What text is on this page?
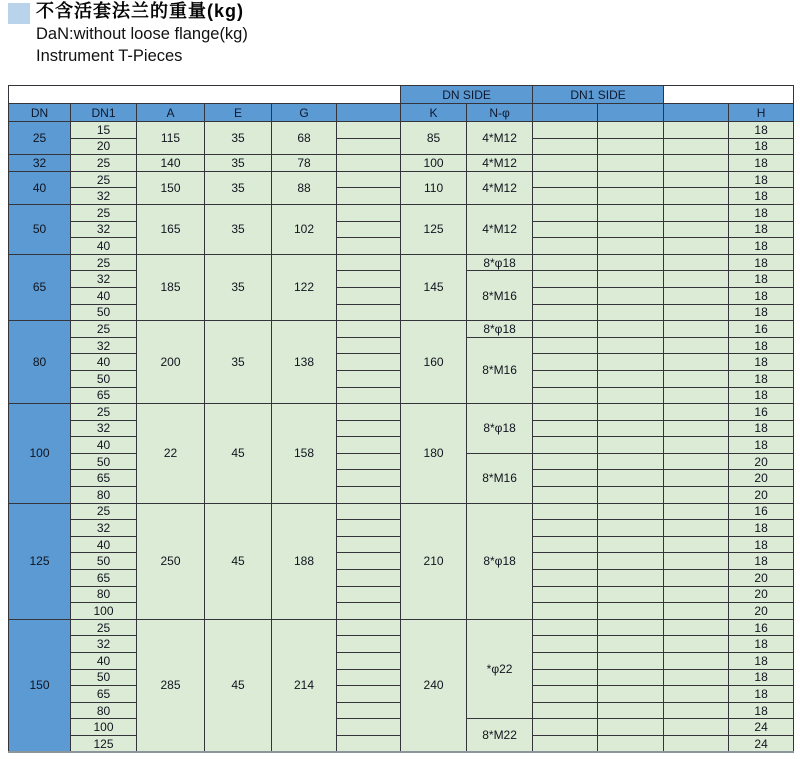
不含活套法兰的重量(kg)
DaN:without loose flange(kg)
Instrument T-Pieces
						DN SIDE		DN1 SIDE			
DN	DN1	A	E	G		K	N-φ				H
25	15	115	35	68		85	4*M12				18
	20										18
32	25	140	35	78		100	4*M12				18
40	25	150	35	88		110	4*M12				18
	32										18
50	25	165	35	102		125	4*M12				18
	32										18
	40										18
65	25	185	35	122		145	8*φ18				18
	32						8*M16				18
	40										18
	50										18
80	25	200	35	138		160	8*φ18				16
	32						8*M16				18
	40										18
	50										18
	65										18
100	25	22	45	158		180	8*φ18				16
	32										18
	40										18
	50						8*M16				20
	65										20
	80										20
125	25	250	45	188		210	8*φ18				16
	32										18
	40										18
	50										18
	65										20
	80										20
	100										20
150	25	285	45	214		240	*φ22				16
	32										18
	40										18
	50										18
	65										18
	80										18
	100						8*M22				24
	125										24
